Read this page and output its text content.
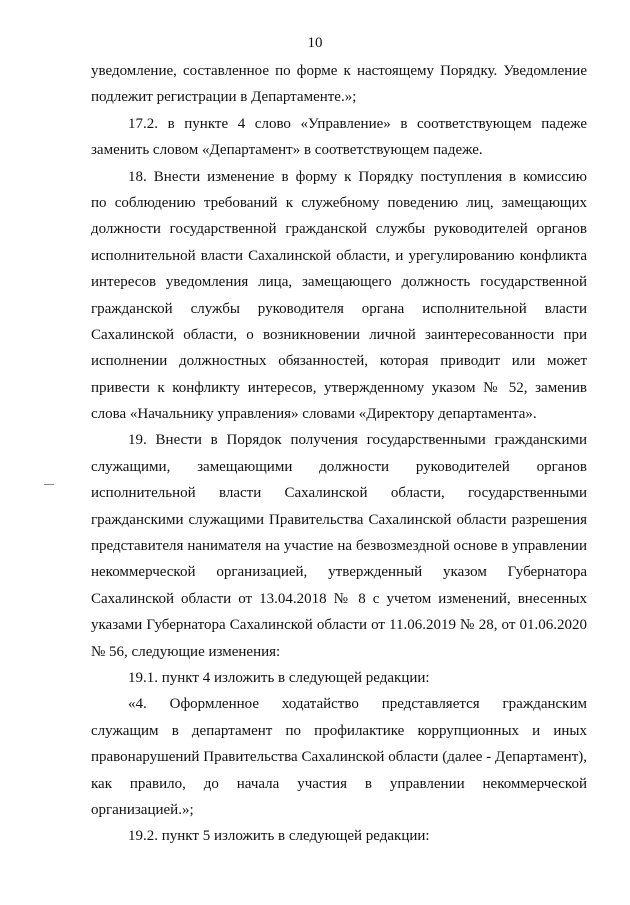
10
уведомление, составленное по форме к настоящему Порядку. Уведомление
подлежит регистрации в Департаменте.»;
17.2. в пункте 4 слово «Управление» в соответствующем падеже
заменить словом «Департамент» в соответствующем падеже.
18. Внести изменение в форму к Порядку поступления в комиссию
по соблюдению требований к служебному поведению лиц, замещающих
должности государственной гражданской службы руководителей органов
исполнительной власти Сахалинской области, и урегулированию конфликта
интересов уведомления лица, замещающего должность государственной
гражданской службы руководителя органа исполнительной власти
Сахалинской области, о возникновении личной заинтересованности при
исполнении должностных обязанностей, которая приводит или может
привести к конфликту интересов, утвержденному указом № 52, заменив
слова «Начальнику управления» словами «Директору департамента».
19. Внести в Порядок получения государственными гражданскими
служащими, замещающими должности руководителей органов
исполнительной власти Сахалинской области, государственными
гражданскими служащими Правительства Сахалинской области разрешения
представителя нанимателя на участие на безвозмездной основе в управлении
некоммерческой организацией, утвержденный указом Губернатора
Сахалинской области от 13.04.2018 № 8 с учетом изменений, внесенных
указами Губернатора Сахалинской области от 11.06.2019 № 28, от 01.06.2020
№ 56, следующие изменения:
19.1. пункт 4 изложить в следующей редакции:
«4. Оформленное ходатайство представляется гражданским
служащим в департамент по профилактике коррупционных и иных
правонарушений Правительства Сахалинской области (далее - Департамент),
как правило, до начала участия в управлении некоммерческой
организацией.»;
19.2. пункт 5 изложить в следующей редакции:
